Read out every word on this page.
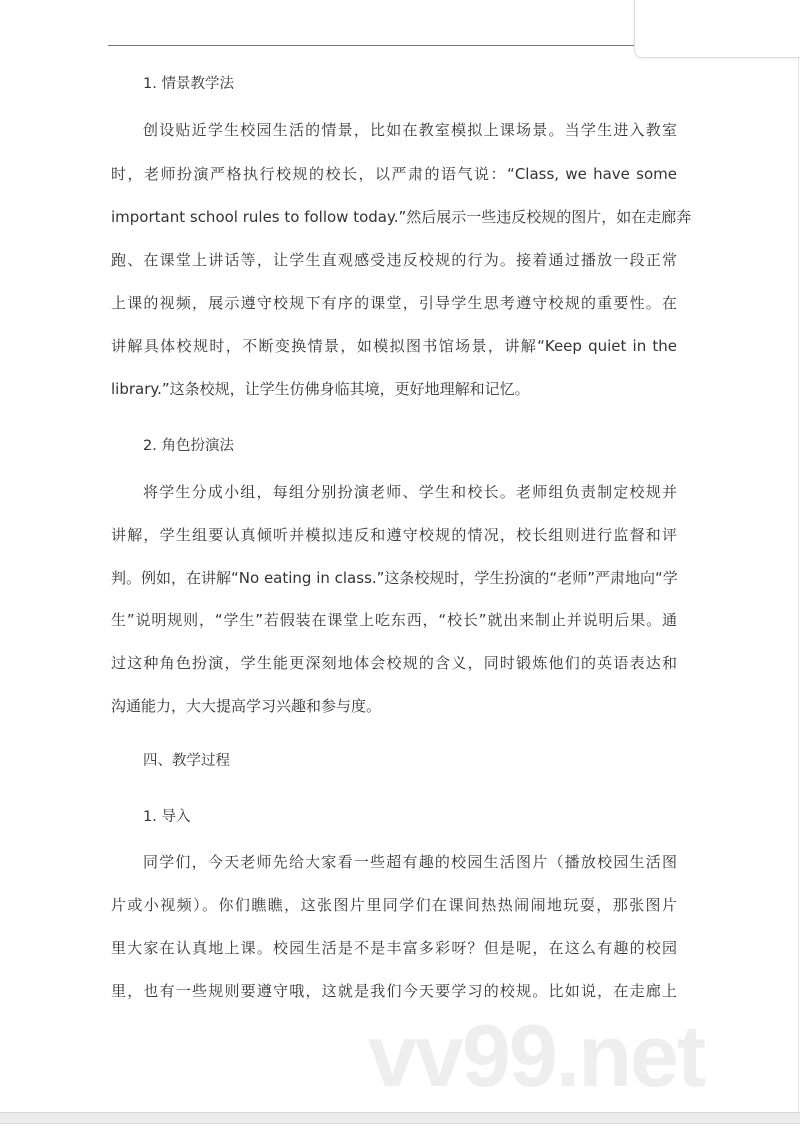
1. 情景教学法
创设贴近学生校园生活的情景，比如在教室模拟上课场景。当学生进入教室
时，老师扮演严格执行校规的校长，以严肃的语气说：“Class, we have some
important school rules to follow today.”然后展示一些违反校规的图片，如在走廊奔
跑、在课堂上讲话等，让学生直观感受违反校规的行为。接着通过播放一段正常
上课的视频，展示遵守校规下有序的课堂，引导学生思考遵守校规的重要性。在
讲解具体校规时，不断变换情景，如模拟图书馆场景，讲解“Keep quiet in the
library.”这条校规，让学生仿佛身临其境，更好地理解和记忆。
2. 角色扮演法
将学生分成小组，每组分别扮演老师、学生和校长。老师组负责制定校规并
讲解，学生组要认真倾听并模拟违反和遵守校规的情况，校长组则进行监督和评
判。例如，在讲解“No eating in class.”这条校规时，学生扮演的“老师”严肃地向“学
生”说明规则，“学生”若假装在课堂上吃东西，“校长”就出来制止并说明后果。通
过这种角色扮演，学生能更深刻地体会校规的含义，同时锻炼他们的英语表达和
沟通能力，大大提高学习兴趣和参与度。
四、教学过程
1. 导入
同学们，今天老师先给大家看一些超有趣的校园生活图片（播放校园生活图
片或小视频）。你们瞧瞧，这张图片里同学们在课间热热闹闹地玩耍，那张图片
里大家在认真地上课。校园生活是不是丰富多彩呀？但是呢，在这么有趣的校园
里，也有一些规则要遵守哦，这就是我们今天要学习的校规。比如说，在走廊上
vv99.net
